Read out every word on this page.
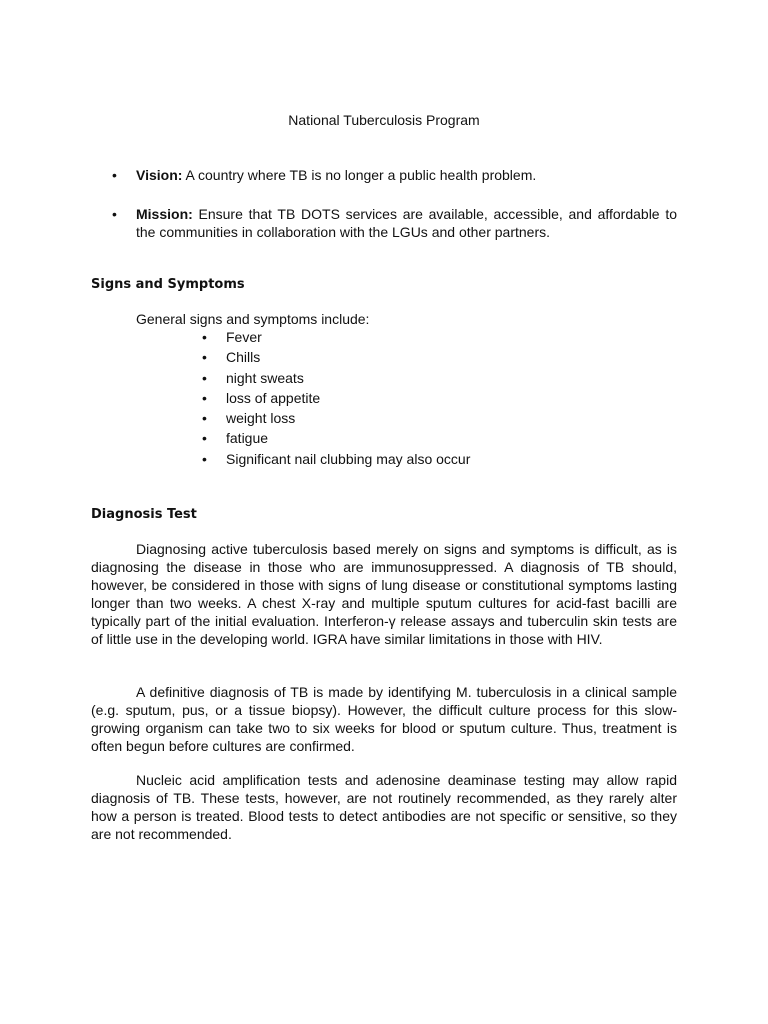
National Tuberculosis Program
• Vision: A country where TB is no longer a public health problem.
• Mission: Ensure that TB DOTS services are available, accessible, and affordable to the communities in collaboration with the LGUs and other partners.
Signs and Symptoms
General signs and symptoms include:
• Fever
• Chills
• night sweats
• loss of appetite
• weight loss
• fatigue
• Significant nail clubbing may also occur
Diagnosis Test

Diagnosing active tuberculosis based merely on signs and symptoms is difficult, as is diagnosing the disease in those who are immunosuppressed. A diagnosis of TB should, however, be considered in those with signs of lung disease or constitutional symptoms lasting longer than two weeks. A chest X-ray and multiple sputum cultures for acid-fast bacilli are typically part of the initial evaluation. Interferon-γ release assays and tuberculin skin tests are of little use in the developing world. IGRA have similar limitations in those with HIV.

A definitive diagnosis of TB is made by identifying M. tuberculosis in a clinical sample (e.g. sputum, pus, or a tissue biopsy). However, the difficult culture process for this slow-growing organism can take two to six weeks for blood or sputum culture. Thus, treatment is often begun before cultures are confirmed.

Nucleic acid amplification tests and adenosine deaminase testing may allow rapid diagnosis of TB. These tests, however, are not routinely recommended, as they rarely alter how a person is treated. Blood tests to detect antibodies are not specific or sensitive, so they are not recommended.
